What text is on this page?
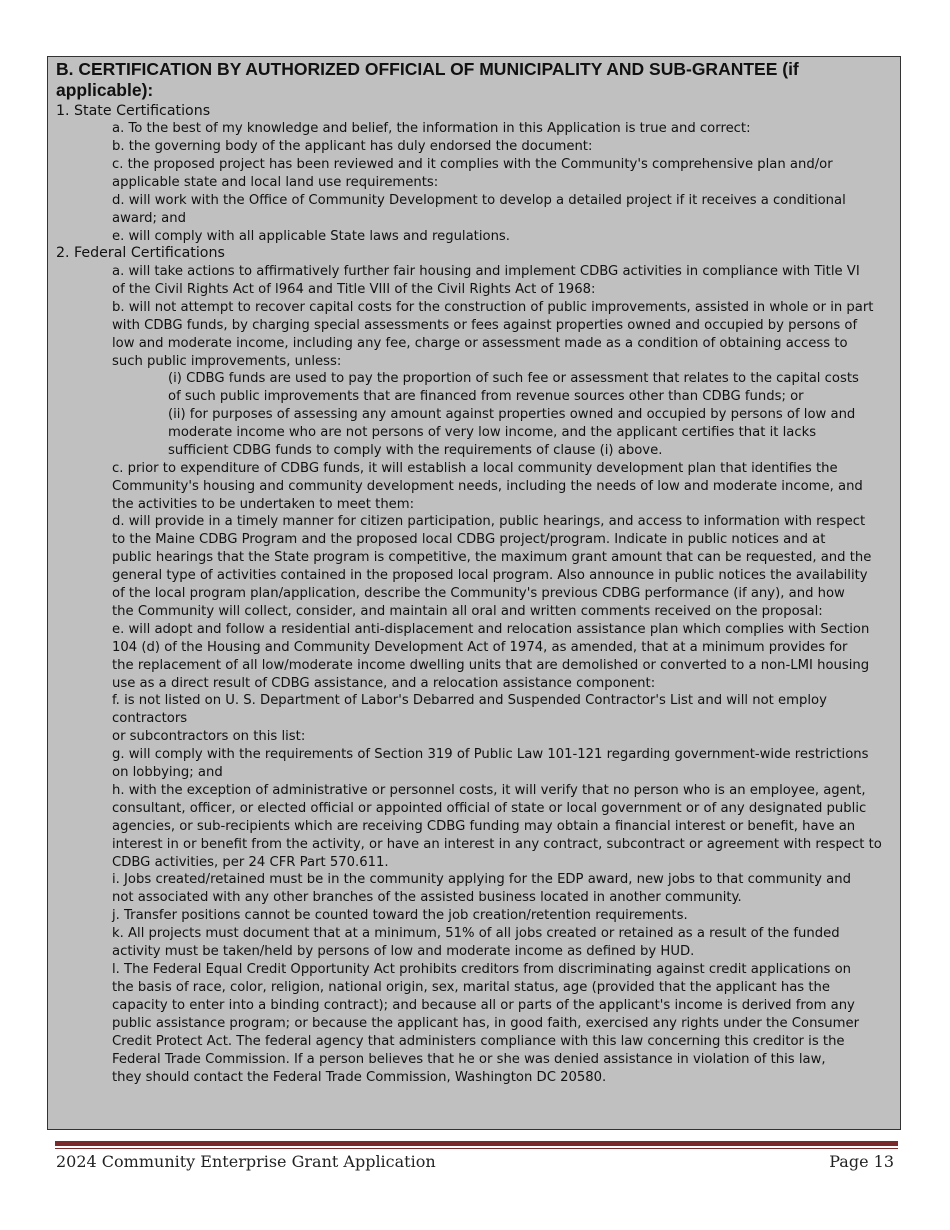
B. CERTIFICATION BY AUTHORIZED OFFICIAL OF MUNICIPALITY AND SUB-GRANTEE (if
applicable):
1. State Certifications
2. Federal Certifications
a. To the best of my knowledge and belief, the information in this Application is true and correct:
b. the governing body of the applicant has duly endorsed the document:
c. the proposed project has been reviewed and it complies with the Community's comprehensive plan and/or
applicable state and local land use requirements:
d. will work with the Office of Community Development to develop a detailed project if it receives a conditional
award; and
e. will comply with all applicable State laws and regulations.
a. will take actions to affirmatively further fair housing and implement CDBG activities in compliance with Title VI
of the Civil Rights Act of l964 and Title VIII of the Civil Rights Act of 1968:
b. will not attempt to recover capital costs for the construction of public improvements, assisted in whole or in part
with CDBG funds, by charging special assessments or fees against properties owned and occupied by persons of
low and moderate income, including any fee, charge or assessment made as a condition of obtaining access to
such public improvements, unless:
(i) CDBG funds are used to pay the proportion of such fee or assessment that relates to the capital costs
of such public improvements that are financed from revenue sources other than CDBG funds; or
(ii) for purposes of assessing any amount against properties owned and occupied by persons of low and
moderate income who are not persons of very low income, and the applicant certifies that it lacks
sufficient CDBG funds to comply with the requirements of clause (i) above.
c. prior to expenditure of CDBG funds, it will establish a local community development plan that identifies the
Community's housing and community development needs, including the needs of low and moderate income, and
the activities to be undertaken to meet them:
d. will provide in a timely manner for citizen participation, public hearings, and access to information with respect
to the Maine CDBG Program and the proposed local CDBG project/program. Indicate in public notices and at
public hearings that the State program is competitive, the maximum grant amount that can be requested, and the
general type of activities contained in the proposed local program. Also announce in public notices the availability
of the local program plan/application, describe the Community's previous CDBG performance (if any), and how
the Community will collect, consider, and maintain all oral and written comments received on the proposal:
e. will adopt and follow a residential anti-displacement and relocation assistance plan which complies with Section
104 (d) of the Housing and Community Development Act of 1974, as amended, that at a minimum provides for
the replacement of all low/moderate income dwelling units that are demolished or converted to a non-LMI housing
use as a direct result of CDBG assistance, and a relocation assistance component:
f. is not listed on U. S. Department of Labor's Debarred and Suspended Contractor's List and will not employ
contractors
or subcontractors on this list:
g. will comply with the requirements of Section 319 of Public Law 101-121 regarding government-wide restrictions
on lobbying; and
h. with the exception of administrative or personnel costs, it will verify that no person who is an employee, agent,
consultant, officer, or elected official or appointed official of state or local government or of any designated public
agencies, or sub-recipients which are receiving CDBG funding may obtain a financial interest or benefit, have an
interest in or benefit from the activity, or have an interest in any contract, subcontract or agreement with respect to
CDBG activities, per 24 CFR Part 570.611.
i. Jobs created/retained must be in the community applying for the EDP award, new jobs to that community and
not associated with any other branches of the assisted business located in another community.
j. Transfer positions cannot be counted toward the job creation/retention requirements.
k. All projects must document that at a minimum, 51% of all jobs created or retained as a result of the funded
activity must be taken/held by persons of low and moderate income as defined by HUD.
l. The Federal Equal Credit Opportunity Act prohibits creditors from discriminating against credit applications on
the basis of race, color, religion, national origin, sex, marital status, age (provided that the applicant has the
capacity to enter into a binding contract); and because all or parts of the applicant's income is derived from any
public assistance program; or because the applicant has, in good faith, exercised any rights under the Consumer
Credit Protect Act. The federal agency that administers compliance with this law concerning this creditor is the
Federal Trade Commission. If a person believes that he or she was denied assistance in violation of this law,
they should contact the Federal Trade Commission, Washington DC 20580.
2024 Community Enterprise Grant Application	Page 13
